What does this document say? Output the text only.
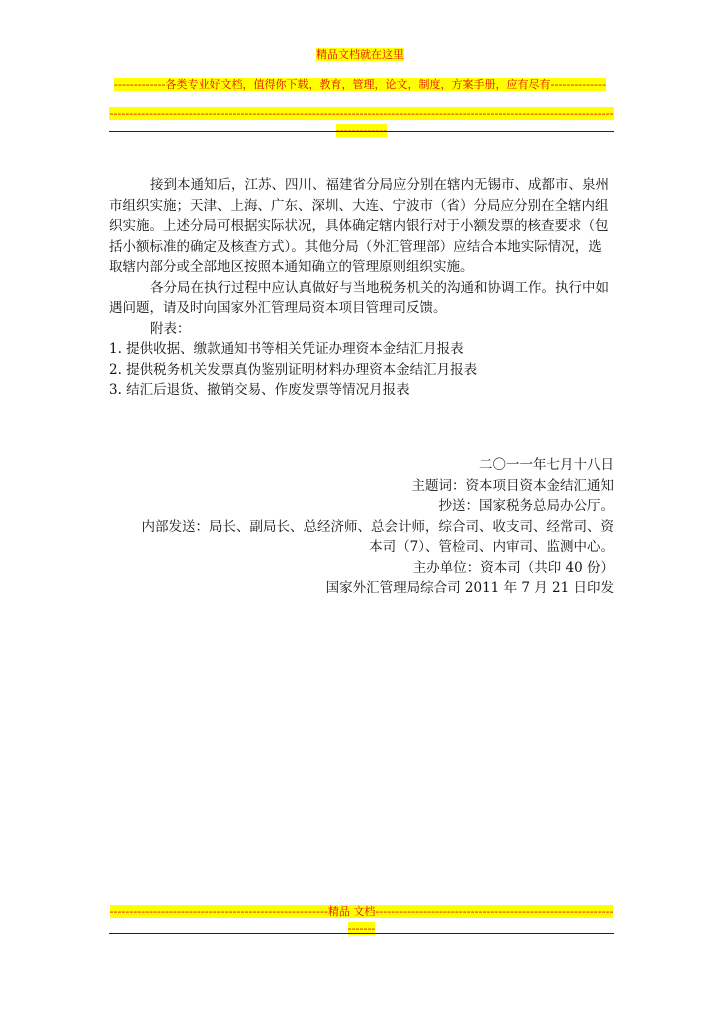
精品文档就在这里
-------------各类专业好文档，值得你下载，教育，管理，论文，制度，方案手册，应有尽有--------------
--------------------------------------------------------------------------------------------------------------------------------------------

接到本通知后，江苏、四川、福建省分局应分别在辖内无锡市、成都市、泉州市组织实施；天津、上海、广东、深圳、大连、宁波市（省）分局应分别在全辖内组织实施。上述分局可根据实际状况，具体确定辖内银行对于小额发票的核查要求（包括小额标准的确定及核查方式）。其他分局（外汇管理部）应结合本地实际情况，选取辖内部分或全部地区按照本通知确立的管理原则组织实施。

各分局在执行过程中应认真做好与当地税务机关的沟通和协调工作。执行中如遇问题，请及时向国家外汇管理局资本项目管理司反馈。

附表：

1. 提供收据、缴款通知书等相关凭证办理资本金结汇月报表

2. 提供税务机关发票真伪鉴别证明材料办理资本金结汇月报表

3. 结汇后退货、撤销交易、作废发票等情况月报表

二〇一一年七月十八日

主题词：资本项目资本金结汇通知

抄送：国家税务总局办公厅。

内部发送：局长、副局长、总经济师、总会计师，综合司、收支司、经常司、资

本司（7）、管检司、内审司、监测中心。

主办单位：资本司（共印 40 份）

国家外汇管理局综合司 2011 年 7 月 21 日印发

-------------------------------------------------------精品 文档-------------------------------------------------------------------
